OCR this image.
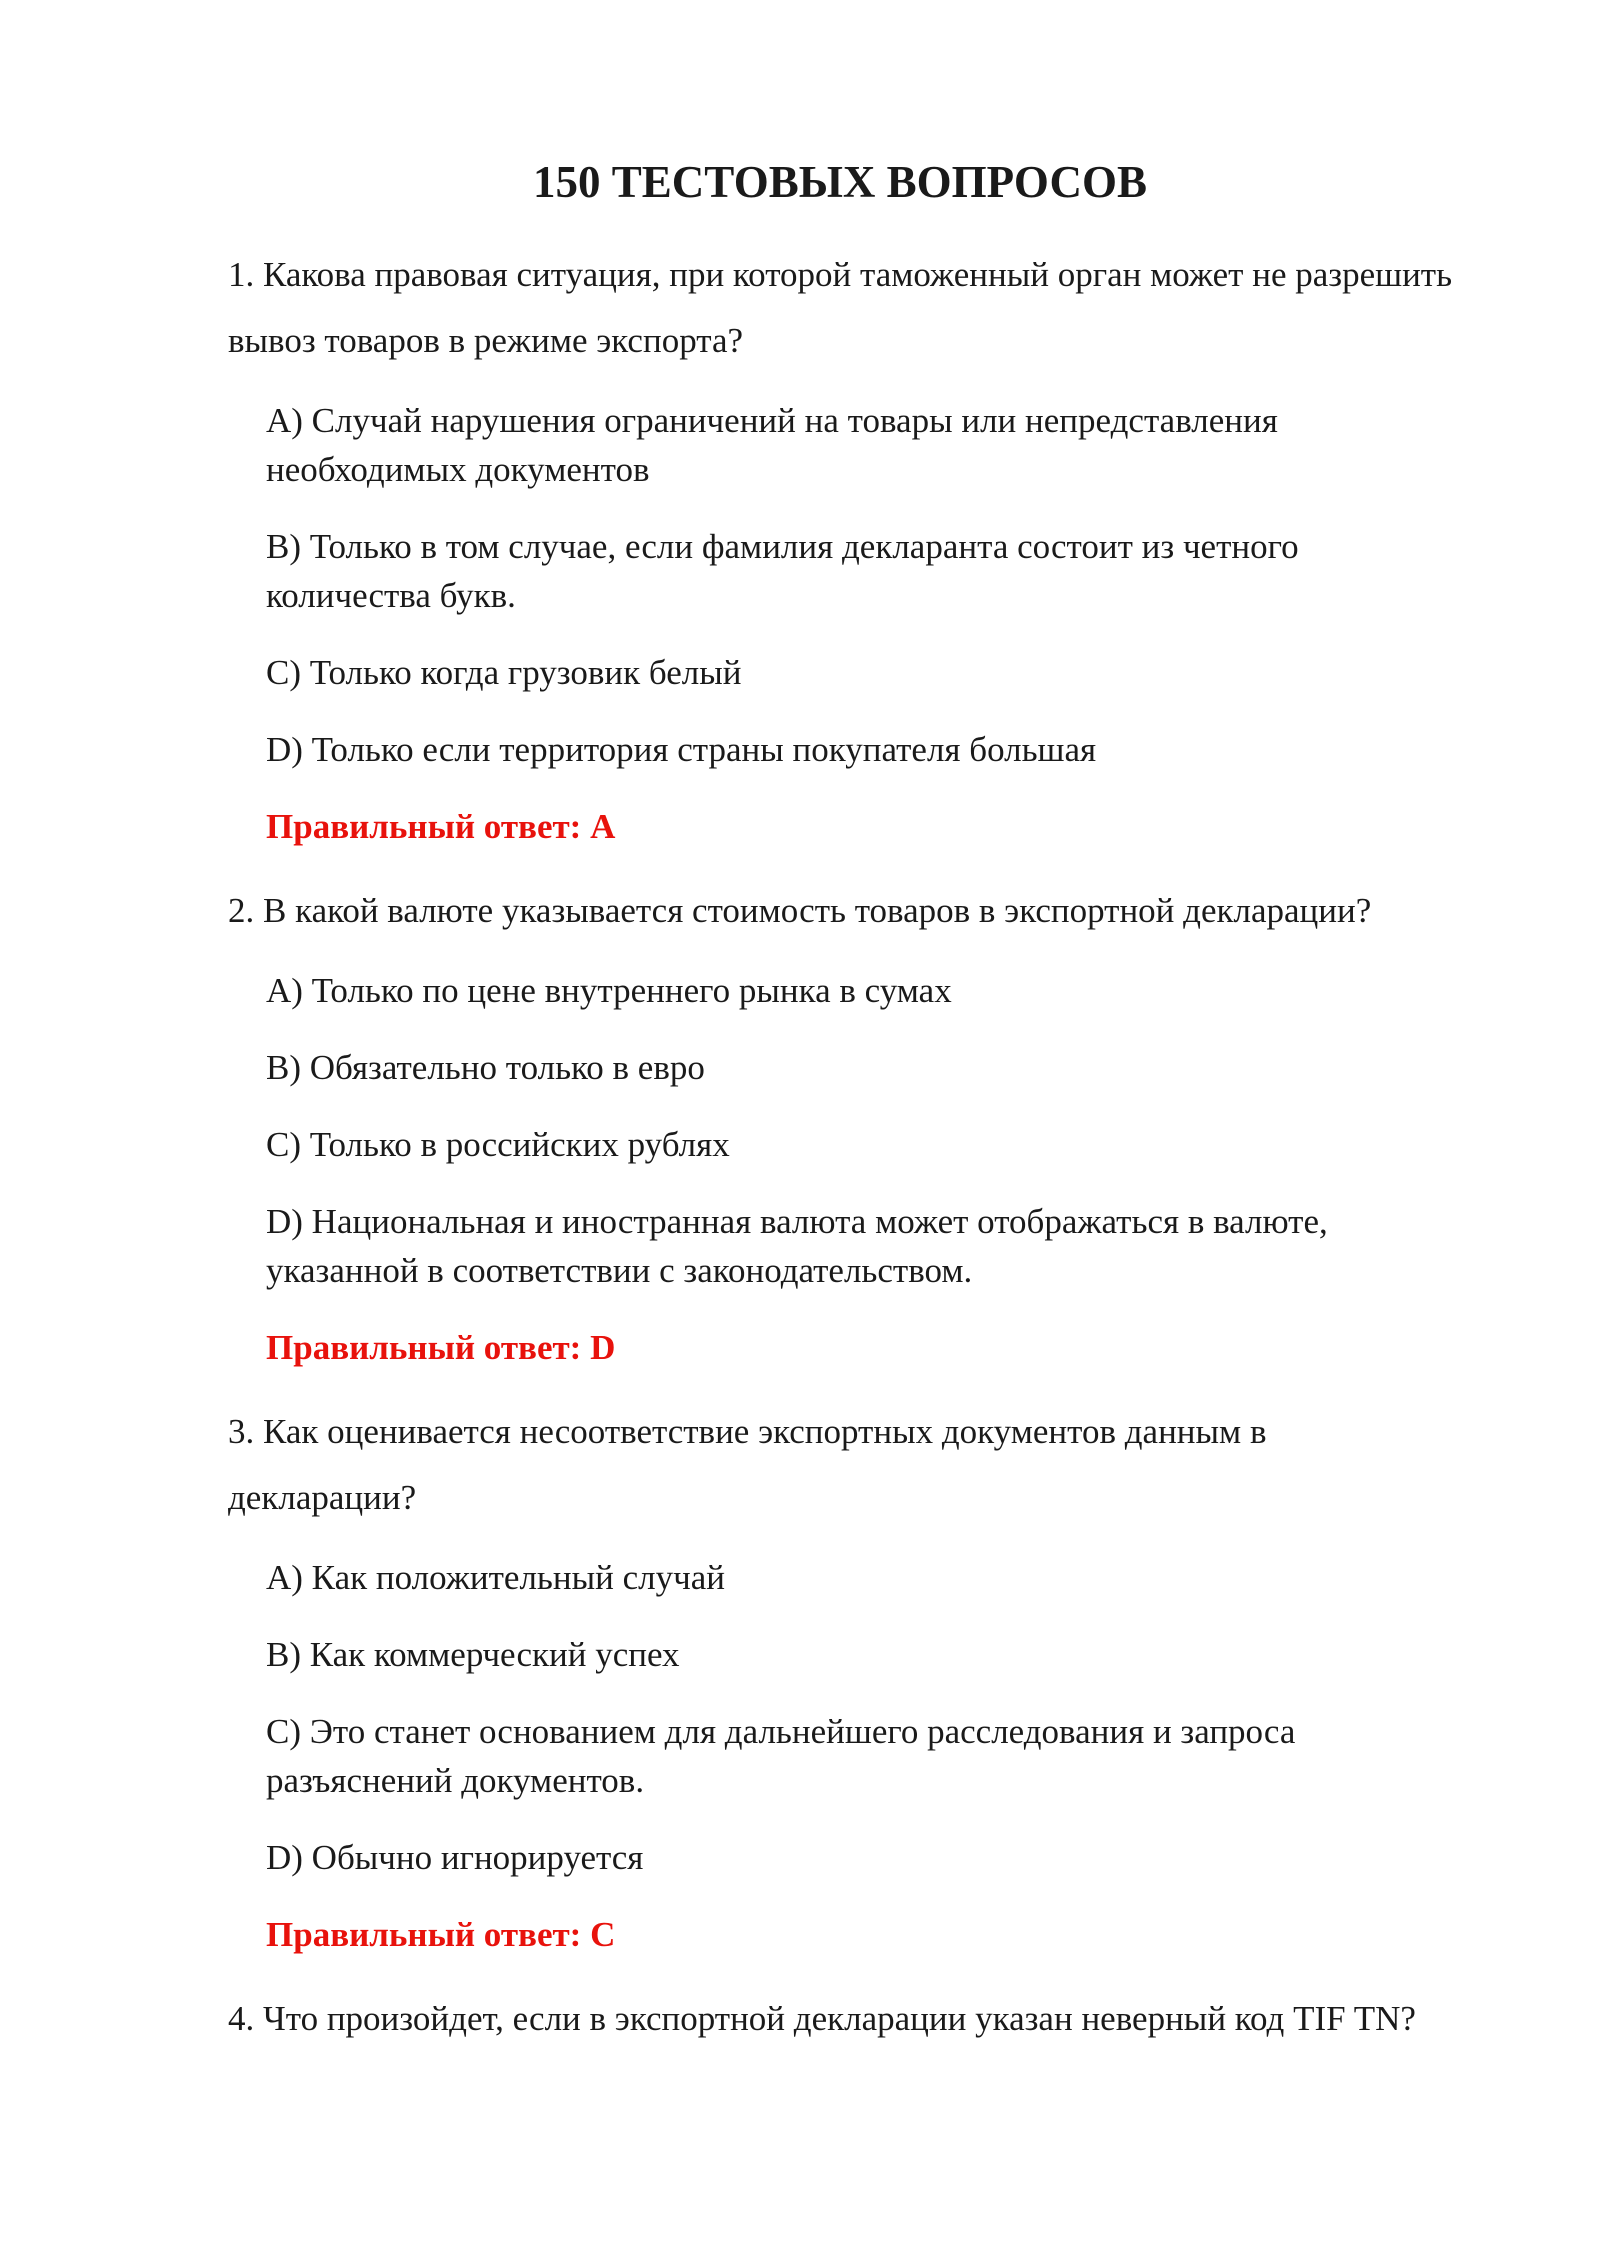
150 ТЕСТОВЫХ ВОПРОСОВ

1. Какова правовая ситуация, при которой таможенный орган может не разрешить вывоз товаров в режиме экспорта?

A) Случай нарушения ограничений на товары или непредставления необходимых документов
B) Только в том случае, если фамилия декларанта состоит из четного количества букв.
C) Только когда грузовик белый
D) Только если территория страны покупателя большая

Правильный ответ: A

2. В какой валюте указывается стоимость товаров в экспортной декларации?

A) Только по цене внутреннего рынка в сумах
B) Обязательно только в евро
C) Только в российских рублях
D) Национальная и иностранная валюта может отображаться в валюте, указанной в соответствии с законодательством.

Правильный ответ: D

3. Как оценивается несоответствие экспортных документов данным в декларации?

A) Как положительный случай
B) Как коммерческий успех
C) Это станет основанием для дальнейшего расследования и запроса разъяснений документов.
D) Обычно игнорируется

Правильный ответ: C

4. Что произойдет, если в экспортной декларации указан неверный код TIF TN?
